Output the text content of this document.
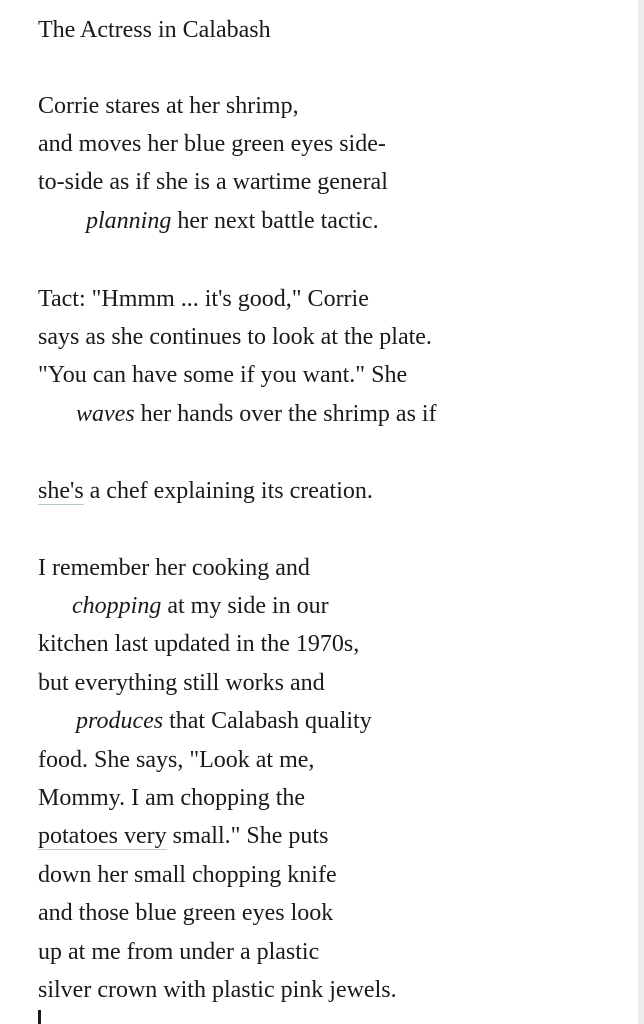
The Actress in Calabash
Corrie stares at her shrimp,
and moves her blue green eyes side-
to-side as if she is a wartime general
planning her next battle tactic.
Tact: "Hmmm ... it's good," Corrie
says as she continues to look at the plate.
"You can have some if you want." She
waves her hands over the shrimp as if
she's a chef explaining its creation.
I remember her cooking and
chopping at my side in our
kitchen last updated in the 1970s,
but everything still works and
produces that Calabash quality
food. She says, "Look at me,
Mommy. I am chopping the
potatoes very small." She puts
down her small chopping knife
and those blue green eyes look
up at me from under a plastic
silver crown with plastic pink jewels.
